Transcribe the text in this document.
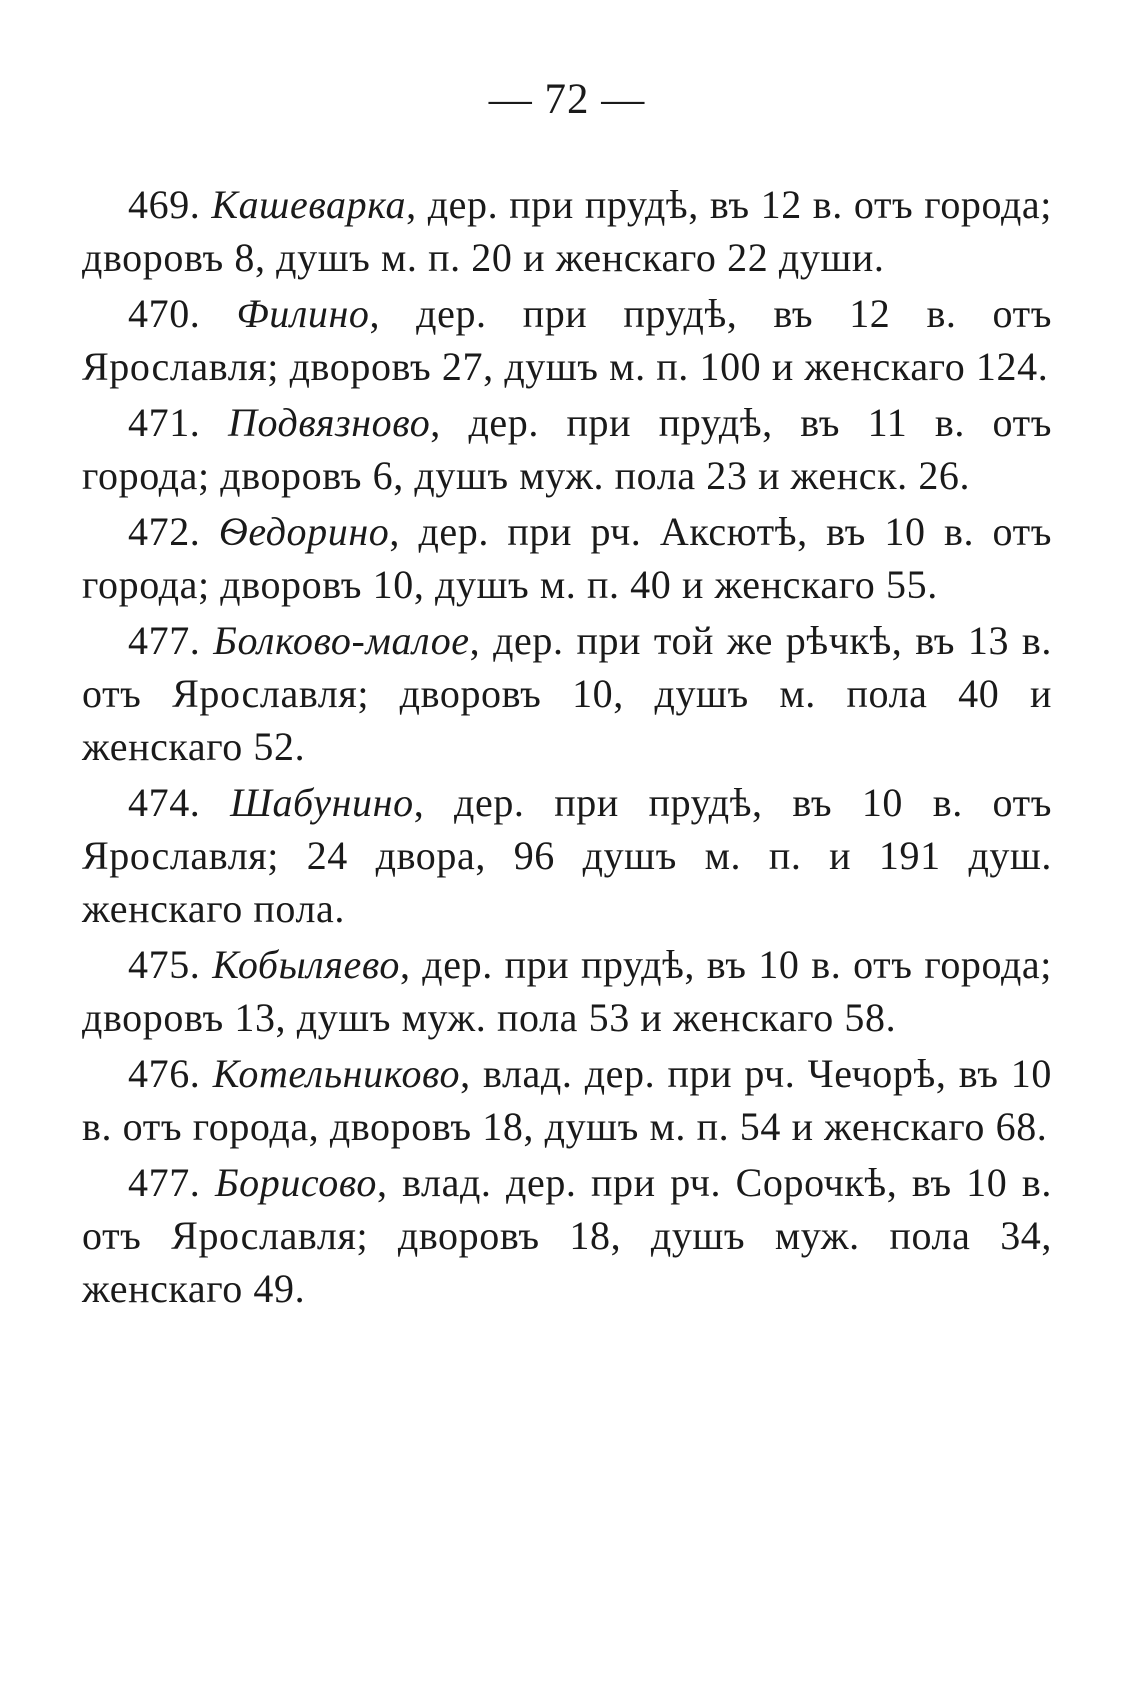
— 72 —

469. Кашеварка, дер. при прудѣ, въ 12 в. отъ города; дворовъ 8, душъ м. п. 20 и женскаго 22 души.

470. Филино, дер. при прудѣ, въ 12 в. отъ Ярославля; дворовъ 27, душъ м. п. 100 и женскаго 124.

471. Подвязново, дер. при прудѣ, въ 11 в. отъ города; дворовъ 6, душъ муж. пола 23 и женск. 26.

472. Ѳедорино, дер. при рч. Аксютѣ, въ 10 в. отъ города; дворовъ 10, душъ м. п. 40 и женскаго 55.

477. Болково-малое, дер. при той же рѣчкѣ, въ 13 в. отъ Ярославля; дворовъ 10, душъ м. пола 40 и женскаго 52.

474. Шабунино, дер. при прудѣ, въ 10 в. отъ Ярославля; 24 двора, 96 душъ м. п. и 191 душ. женскаго пола.

475. Кобыляево, дер. при прудѣ, въ 10 в. отъ города; дворовъ 13, душъ муж. пола 53 и женскаго 58.

476. Котельниково, влад. дер. при рч. Чечорѣ, въ 10 в. отъ города, дворовъ 18, душъ м. п. 54 и женскаго 68.

477. Борисово, влад. дер. при рч. Сорочкѣ, въ 10 в. отъ Ярославля; дворовъ 18, душъ муж. пола 34, женскаго 49.
